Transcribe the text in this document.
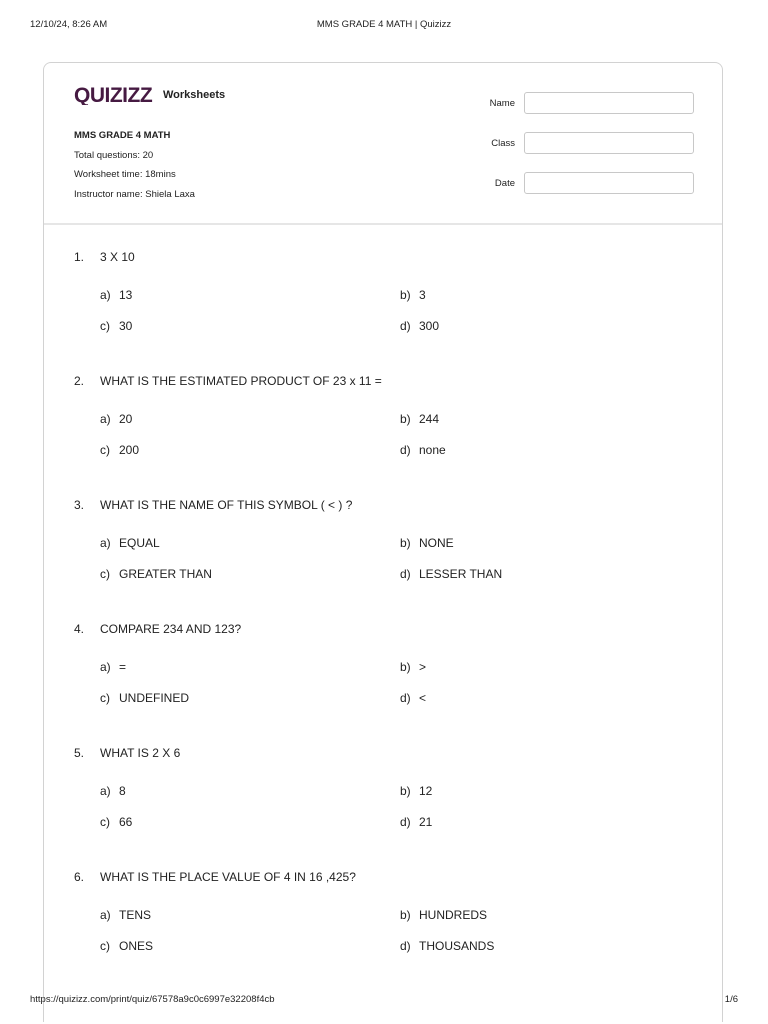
12/10/24, 8:26 AM	MMS GRADE 4 MATH | Quizizz
QUIZIZZ Worksheets
MMS GRADE 4 MATH
Total questions: 20
Worksheet time: 18mins
Instructor name: Shiela Laxa
Name
Class
Date
1. 3 X 10
a) 13	b) 3
c) 30	d) 300
2. WHAT IS THE ESTIMATED PRODUCT OF 23 x 11 =
a) 20	b) 244
c) 200	d) none
3. WHAT IS THE NAME OF THIS SYMBOL ( < ) ?
a) EQUAL	b) NONE
c) GREATER THAN	d) LESSER THAN
4. COMPARE 234 AND 123?
a) =	b) >
c) UNDEFINED	d) <
5. WHAT IS 2 X 6
a) 8	b) 12
c) 66	d) 21
6. WHAT IS THE PLACE VALUE OF 4 IN 16 ,425?
a) TENS	b) HUNDREDS
c) ONES	d) THOUSANDS
https://quizizz.com/print/quiz/67578a9c0c6997e32208f4cb	1/6
